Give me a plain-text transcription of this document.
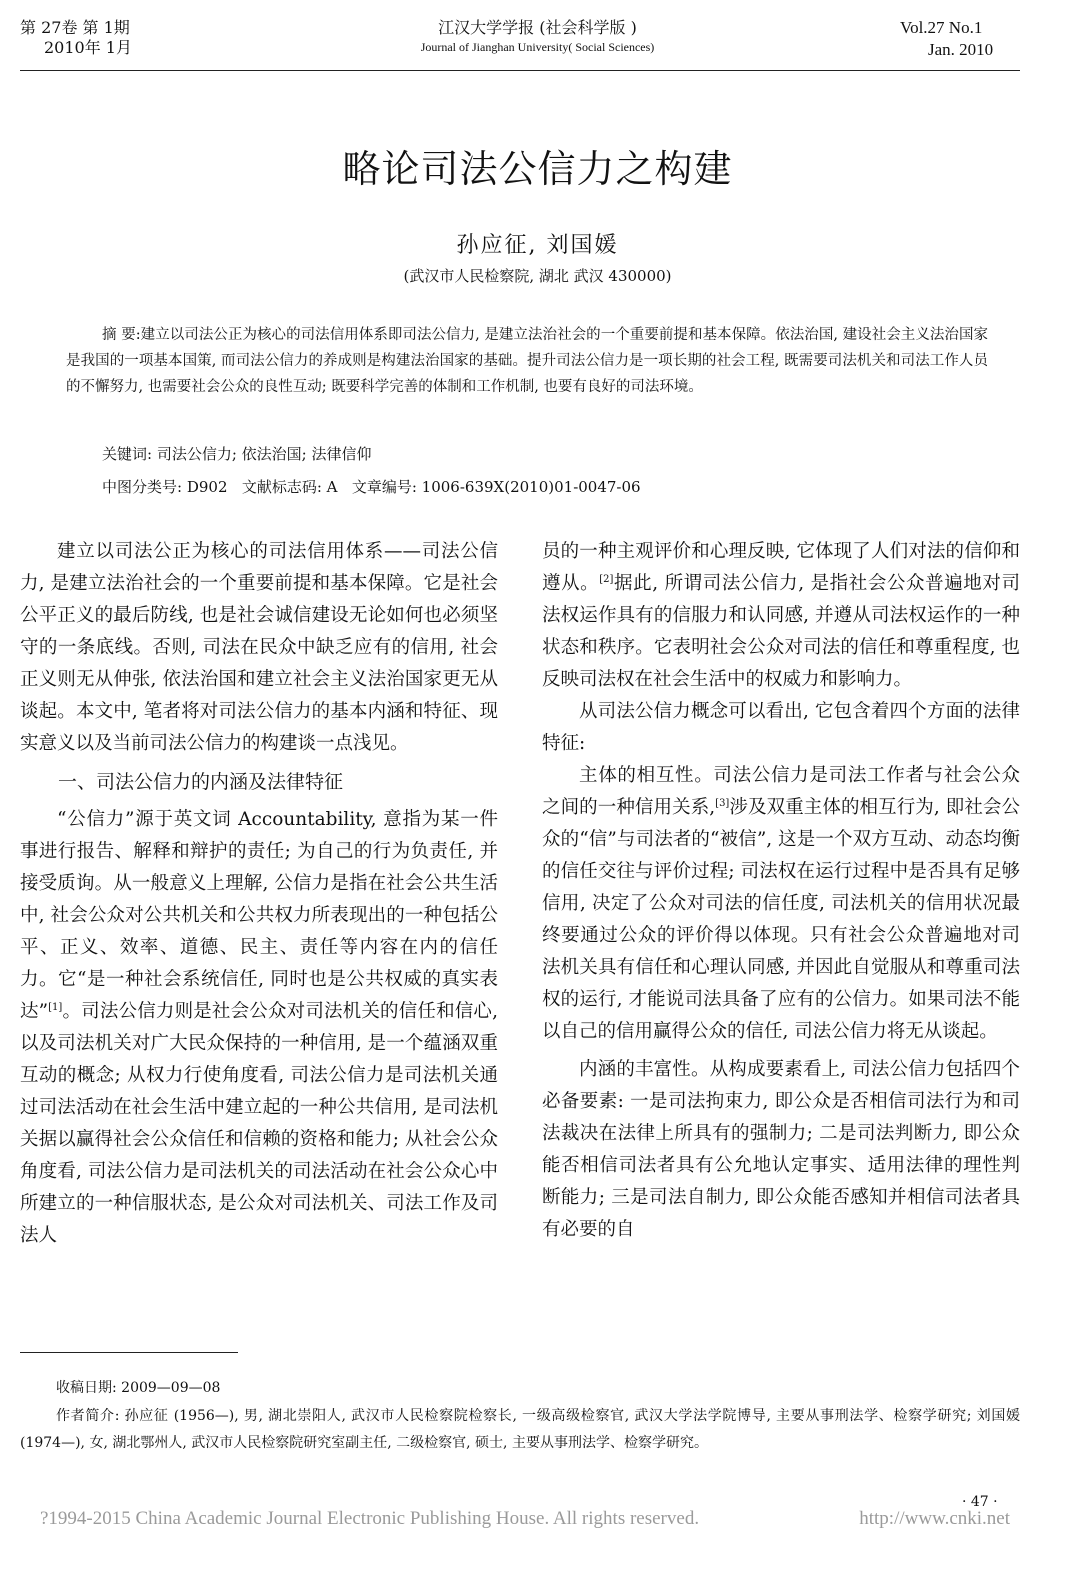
第 27卷 第 1期
2010年 1月
江汉大学学报 (社会科学版 )
Journal of Jianghan University( Social Sciences)
Vol.27 No.1
Jan. 2010
略论司法公信力之构建
孙应征, 刘国媛
(武汉市人民检察院, 湖北 武汉 430000)
摘 要:建立以司法公正为核心的司法信用体系即司法公信力, 是建立法治社会的一个重要前提和基本保障。依法治国, 建设社会主义法治国家是我国的一项基本国策, 而司法公信力的养成则是构建法治国家的基础。提升司法公信力是一项长期的社会工程, 既需要司法机关和司法工作人员的不懈努力, 也需要社会公众的良性互动; 既要科学完善的体制和工作机制, 也要有良好的司法环境。
关键词: 司法公信力; 依法治国; 法律信仰
中图分类号: D902 文献标志码: A 文章编号: 1006-639X(2010)01-0047-06

建立以司法公正为核心的司法信用体系——司法公信力, 是建立法治社会的一个重要前提和基本保障。它是社会公平正义的最后防线, 也是社会诚信建设无论如何也必须坚守的一条底线。否则, 司法在民众中缺乏应有的信用, 社会正义则无从伸张, 依法治国和建立社会主义法治国家更无从谈起。本文中, 笔者将对司法公信力的基本内涵和特征、现实意义以及当前司法公信力的构建谈一点浅见。

一、司法公信力的内涵及法律特征

“公信力”源于英文词 Accountability, 意指为某一件事进行报告、解释和辩护的责任; 为自己的行为负责任, 并接受质询。从一般意义上理解, 公信力是指在社会公共生活中, 社会公众对公共机关和公共权力所表现出的一种包括公平、正义、效率、道德、民主、责任等内容在内的信任力。它“是一种社会系统信任, 同时也是公共权威的真实表达”[1]。司法公信力则是社会公众对司法机关的信任和信心, 以及司法机关对广大民众保持的一种信用, 是一个蕴涵双重互动的概念; 从权力行使角度看, 司法公信力是司法机关通过司法活动在社会生活中建立起的一种公共信用, 是司法机关据以赢得社会公众信任和信赖的资格和能力; 从社会公众角度看, 司法公信力是司法机关的司法活动在社会公众心中所建立的一种信服状态, 是公众对司法机关、司法工作及司法人

员的一种主观评价和心理反映, 它体现了人们对法的信仰和遵从。[2]据此, 所谓司法公信力, 是指社会公众普遍地对司法权运作具有的信服力和认同感, 并遵从司法权运作的一种状态和秩序。它表明社会公众对司法的信任和尊重程度, 也反映司法权在社会生活中的权威力和影响力。

从司法公信力概念可以看出, 它包含着四个方面的法律特征:

主体的相互性。司法公信力是司法工作者与社会公众之间的一种信用关系,[3]涉及双重主体的相互行为, 即社会公众的“信”与司法者的“被信”, 这是一个双方互动、动态均衡的信任交往与评价过程; 司法权在运行过程中是否具有足够信用, 决定了公众对司法的信任度, 司法机关的信用状况最终要通过公众的评价得以体现。只有社会公众普遍地对司法机关具有信任和心理认同感, 并因此自觉服从和尊重司法权的运行, 才能说司法具备了应有的公信力。如果司法不能以自己的信用赢得公众的信任, 司法公信力将无从谈起。

内涵的丰富性。从构成要素看上, 司法公信力包括四个必备要素: 一是司法拘束力, 即公众是否相信司法行为和司法裁决在法律上所具有的强制力; 二是司法判断力, 即公众能否相信司法者具有公允地认定事实、适用法律的理性判断能力; 三是司法自制力, 即公众能否感知并相信司法者具有必要的自

收稿日期: 2009—09—08
作者简介: 孙应征 (1956—), 男, 湖北崇阳人, 武汉市人民检察院检察长, 一级高级检察官, 武汉大学法学院博导, 主要从事刑法学、检察学研究; 刘国媛 (1974—), 女, 湖北鄂州人, 武汉市人民检察院研究室副主任, 二级检察官, 硕士, 主要从事刑法学、检察学研究。
· 47 ·
?1994-2015 China Academic Journal Electronic Publishing House. All rights reserved.	http://www.cnki.net
